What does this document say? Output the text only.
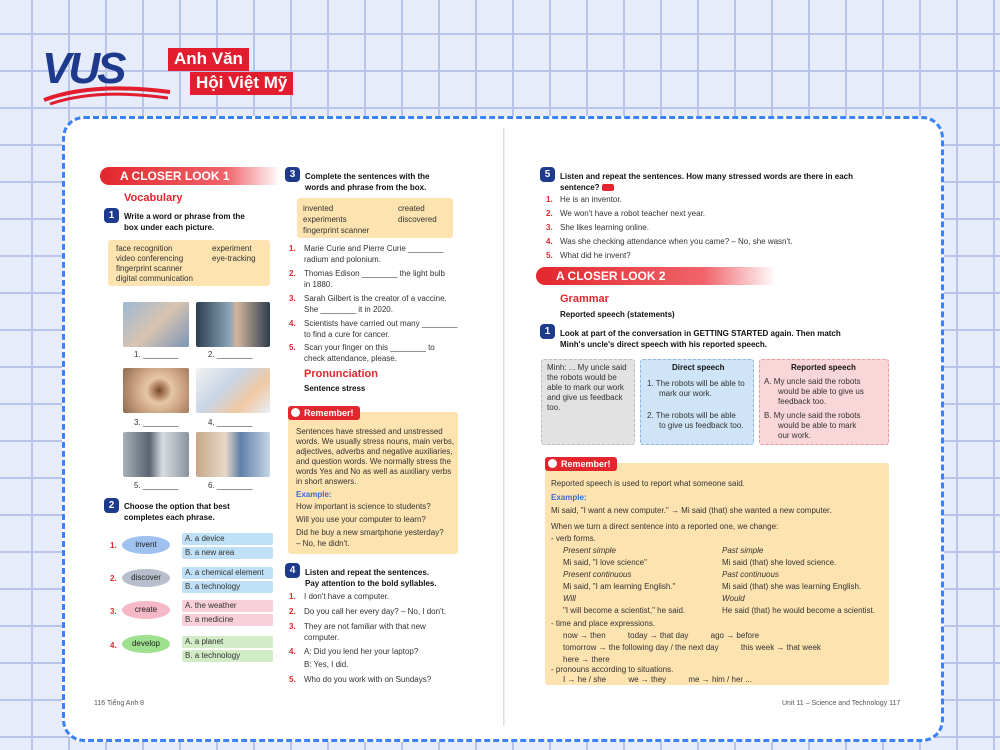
VUS	Anh Văn
Hội Việt Mỹ
A CLOSER LOOK 1
Vocabulary
1	Write a word or phrase from the
box under each picture.
face recognition	experiment
video conferencing	eye-tracking
fingerprint scanner
digital communication
1. ________	2. ________
3. ________	4. ________
5. ________	6. ________
2	Choose the option that best
completes each phrase.
1.	invent
A. a device
B. a new area
2.	discover
A. a chemical element
B. a technology
3.	create	A. the weather
B. a medicine
4.	develop	A. a planet
B. a technology
116 Tiếng Anh 8
3	Complete the sentences with the
words and phrase from the box.
invented	created
experiments	discovered
fingerprint scanner
1. Marie Curie and Pierre Curie ________
radium and polonium.
2. Thomas Edison ________ the light bulb
in 1880.
3. Sarah Gilbert is the creator of a vaccine.
She ________ it in 2020.
4. Scientists have carried out many ________
to find a cure for cancer.
5. Scan your finger on this ________ to
check attendance, please.
Pronunciation
Sentence stress
Remember!
Sentences have stressed and unstressed
words. We usually stress nouns, main verbs,
adjectives, adverbs and negative auxiliaries,
and question words. We normally stress the
words Yes and No as well as auxiliary verbs
in short answers.
Example:
How important is science to students?
Will you use your computer to learn?
Did he buy a new smartphone yesterday?
– No, he didn't.
4	Listen and repeat the sentences.
Pay attention to the bold syllables.
1. I don't have a computer.
2. Do you call her every day? – No, I don't.
3. They are not familiar with that new
computer.
4. A: Did you lend her your laptop?
B: Yes, I did.
5. Who do you work with on Sundays?
5	Listen and repeat the sentences. How many stressed words are there in each
sentence?
1. He is an inventor.
2. We won't have a robot teacher next year.
3. She likes learning online.
4. Was she checking attendance when you came? – No, she wasn't.
5. What did he invent?
A CLOSER LOOK 2
Grammar
Reported speech (statements)
1	Look at part of the conversation in GETTING STARTED again. Then match
Minh's uncle's direct speech with his reported speech.
Minh: ... My uncle said
the robots would be
able to mark our work
and give us feedback
too.
Direct speech
1. The robots will be able to
mark our work.
2. The robots will be able
to give us feedback too.
Reported speech
A. My uncle said the robots
would be able to give us
feedback too.
B. My uncle said the robots
would be able to mark
our work.
Remember!
Reported speech is used to report what someone said.
Example:
Mi said, "I want a new computer." → Mi said (that) she wanted a new computer.
When we turn a direct sentence into a reported one, we change:
- verb forms.
Present simple	Past simple
Mi said, "I love science"	Mi said (that) she loved science.
Present continuous	Past continuous
Mi said, "I am learning English."	Mi said (that) she was learning English.
Will	Would
"I will become a scientist," he said.	He said (that) he would become a scientist.
- time and place expressions.
now → then          today → that day          ago → before
tomorrow → the following day / the next day          this week → that week
here → there
- pronouns according to situations.
I → he / she          we → they          me → him / her ...
Unit 11 – Science and Technology 117
